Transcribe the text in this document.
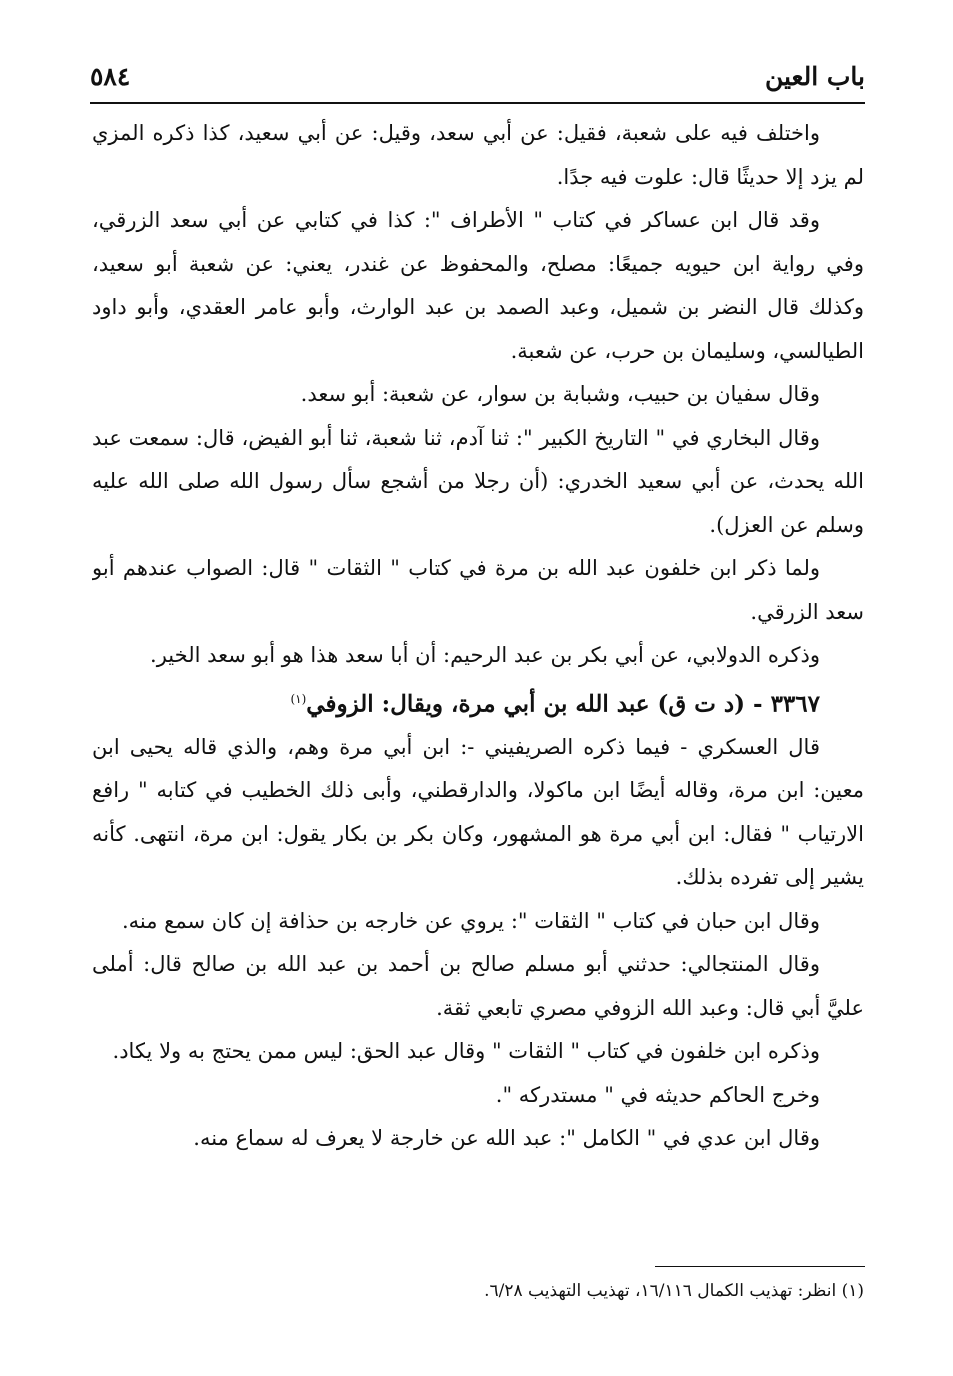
باب العين
٥٨٤

واختلف فيه على شعبة، فقيل: عن أبي سعد، وقيل: عن أبي سعيد، كذا ذكره المزي لم يزد إلا حديثًا قال: علوت فيه جدًا.

وقد قال ابن عساكر في كتاب " الأطراف ": كذا في كتابي عن أبي سعد الزرقي، وفي رواية ابن حيويه جميعًا: مصلح، والمحفوظ عن غندر، يعني: عن شعبة أبو سعيد، وكذلك قال النضر بن شميل، وعبد الصمد بن عبد الوارث، وأبو عامر العقدي، وأبو داود الطيالسي، وسليمان بن حرب، عن شعبة.

وقال سفيان بن حبيب، وشبابة بن سوار، عن شعبة: أبو سعد.

وقال البخاري في " التاريخ الكبير ": ثنا آدم، ثنا شعبة، ثنا أبو الفيض، قال: سمعت عبد الله يحدث، عن أبي سعيد الخدري: (أن رجلا من أشجع سأل رسول الله صلى الله عليه وسلم عن العزل).

ولما ذكر ابن خلفون عبد الله بن مرة في كتاب " الثقات " قال: الصواب عندهم أبو سعد الزرقي.

وذكره الدولابي، عن أبي بكر بن عبد الرحيم: أن أبا سعد هذا هو أبو سعد الخير.

٣٣٦٧ - (د ت ق) عبد الله بن أبي مرة، ويقال: الزوفي$^{(١)}$

قال العسكري - فيما ذكره الصريفيني -: ابن أبي مرة وهم، والذي قاله يحيى ابن معين: ابن مرة، وقاله أيضًا ابن ماكولا، والدارقطني، وأبى ذلك الخطيب في كتابه " رافع الارتياب " فقال: ابن أبي مرة هو المشهور، وكان بكر بن بكار يقول: ابن مرة، انتهى. كأنه يشير إلى تفرده بذلك.

وقال ابن حبان في كتاب " الثقات ": يروي عن خارجه بن حذافة إن كان سمع منه.

وقال المنتجالي: حدثني أبو مسلم صالح بن أحمد بن عبد الله بن صالح قال: أملى عليَّ أبي قال: وعبد الله الزوفي مصري تابعي ثقة.

وذكره ابن خلفون في كتاب " الثقات " وقال عبد الحق: ليس ممن يحتج به ولا يكاد.

وخرج الحاكم حديثه في " مستدركه ".

وقال ابن عدي في " الكامل ": عبد الله عن خارجة لا يعرف له سماع منه.

(١) انظر: تهذيب الكمال ١٦/١١٦، تهذيب التهذيب ٦/٢٨.
